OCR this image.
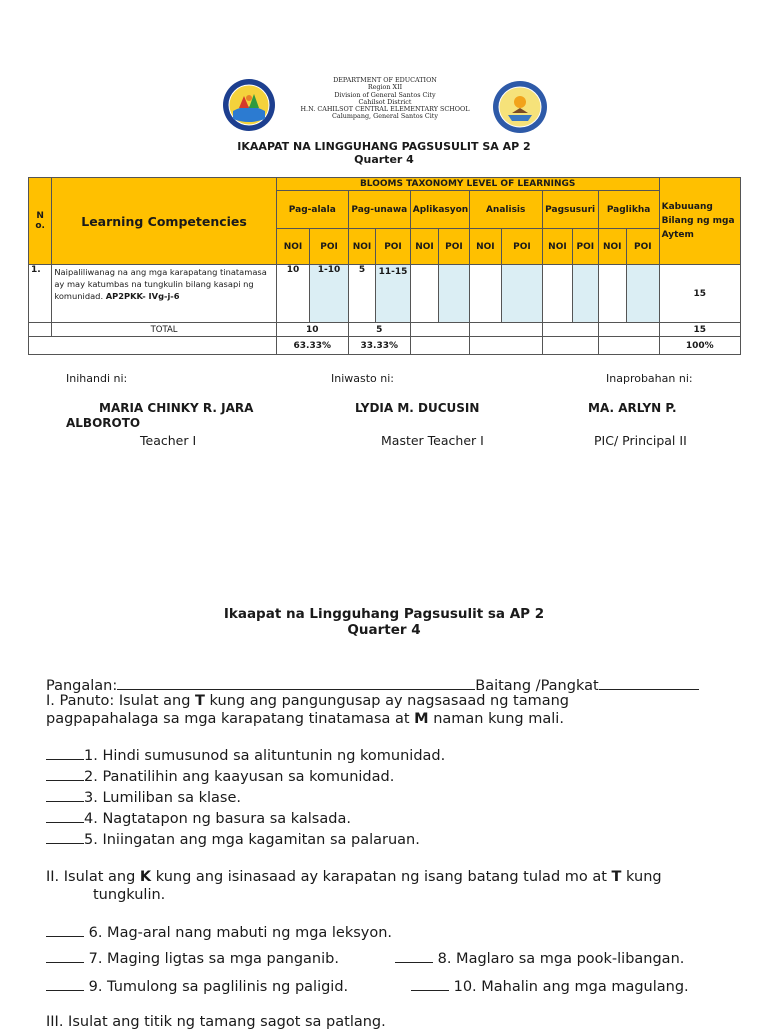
DEPARTMENT OF EDUCATION
Region XII
Division of General Santos City
Cahilsot District
H.N. CAHILSOT CENTRAL ELEMENTARY SCHOOL
Calumpang, General Santos City
IKAAPAT NA LINGGUHANG PAGSUSULIT SA AP 2
Quarter 4
N o.	Learning Competencies	BLOOMS TAXONOMY LEVEL OF LEARNINGS												Kabuuang Bilang ng mga Aytem
		Pag-alala		Pag-unawa		Aplikasyon		Analisis		Pagsusuri		Paglikha		
		NOI	POI	NOI	POI	NOI	POI	NOI	POI	NOI	POI	NOI	POI	
1.	Naipaliliwanag na ang mga karapatang tinatamasa ay may katumbas na tungkulin bilang kasapi ng komunidad. AP2PKK- IVg-j-6	10	1-10	5	11-15									15
	TOTAL	10		5										15
		63.33%		33.33%										100%
Inihandi ni:	Iniwasto ni:	Inaprobahan ni:
MARIA CHINKY R. JARA
ALBOROTO
LYDIA M. DUCUSIN	MA. ARLYN P.
Teacher I	Master Teacher I	PIC/ Principal II
Ikaapat na Lingguhang Pagsusulit sa AP 2
Quarter 4
Pangalan:	Baitang /Pangkat
I. Panuto: Isulat ang T kung ang pangungusap ay nagsasaad ng tamang
pagpapahalaga sa mga karapatang tinatamasa at M naman kung mali.
1. Hindi sumusunod sa alituntunin ng komunidad.
2. Panatilihin ang kaayusan sa komunidad.
3. Lumiliban sa klase.
4. Nagtatapon ng basura sa kalsada.
5. Iniingatan ang mga kagamitan sa palaruan.
II. Isulat ang K kung ang isinasaad ay karapatan ng isang batang tulad mo at T kung
tungkulin.
6. Mag-aral nang mabuti ng mga leksyon.
7. Maging ligtas sa mga panganib.	8. Maglaro sa mga pook-libangan.
9. Tumulong sa paglilinis ng paligid.	10. Mahalin ang mga magulang.
III. Isulat ang titik ng tamang sagot sa patlang.
